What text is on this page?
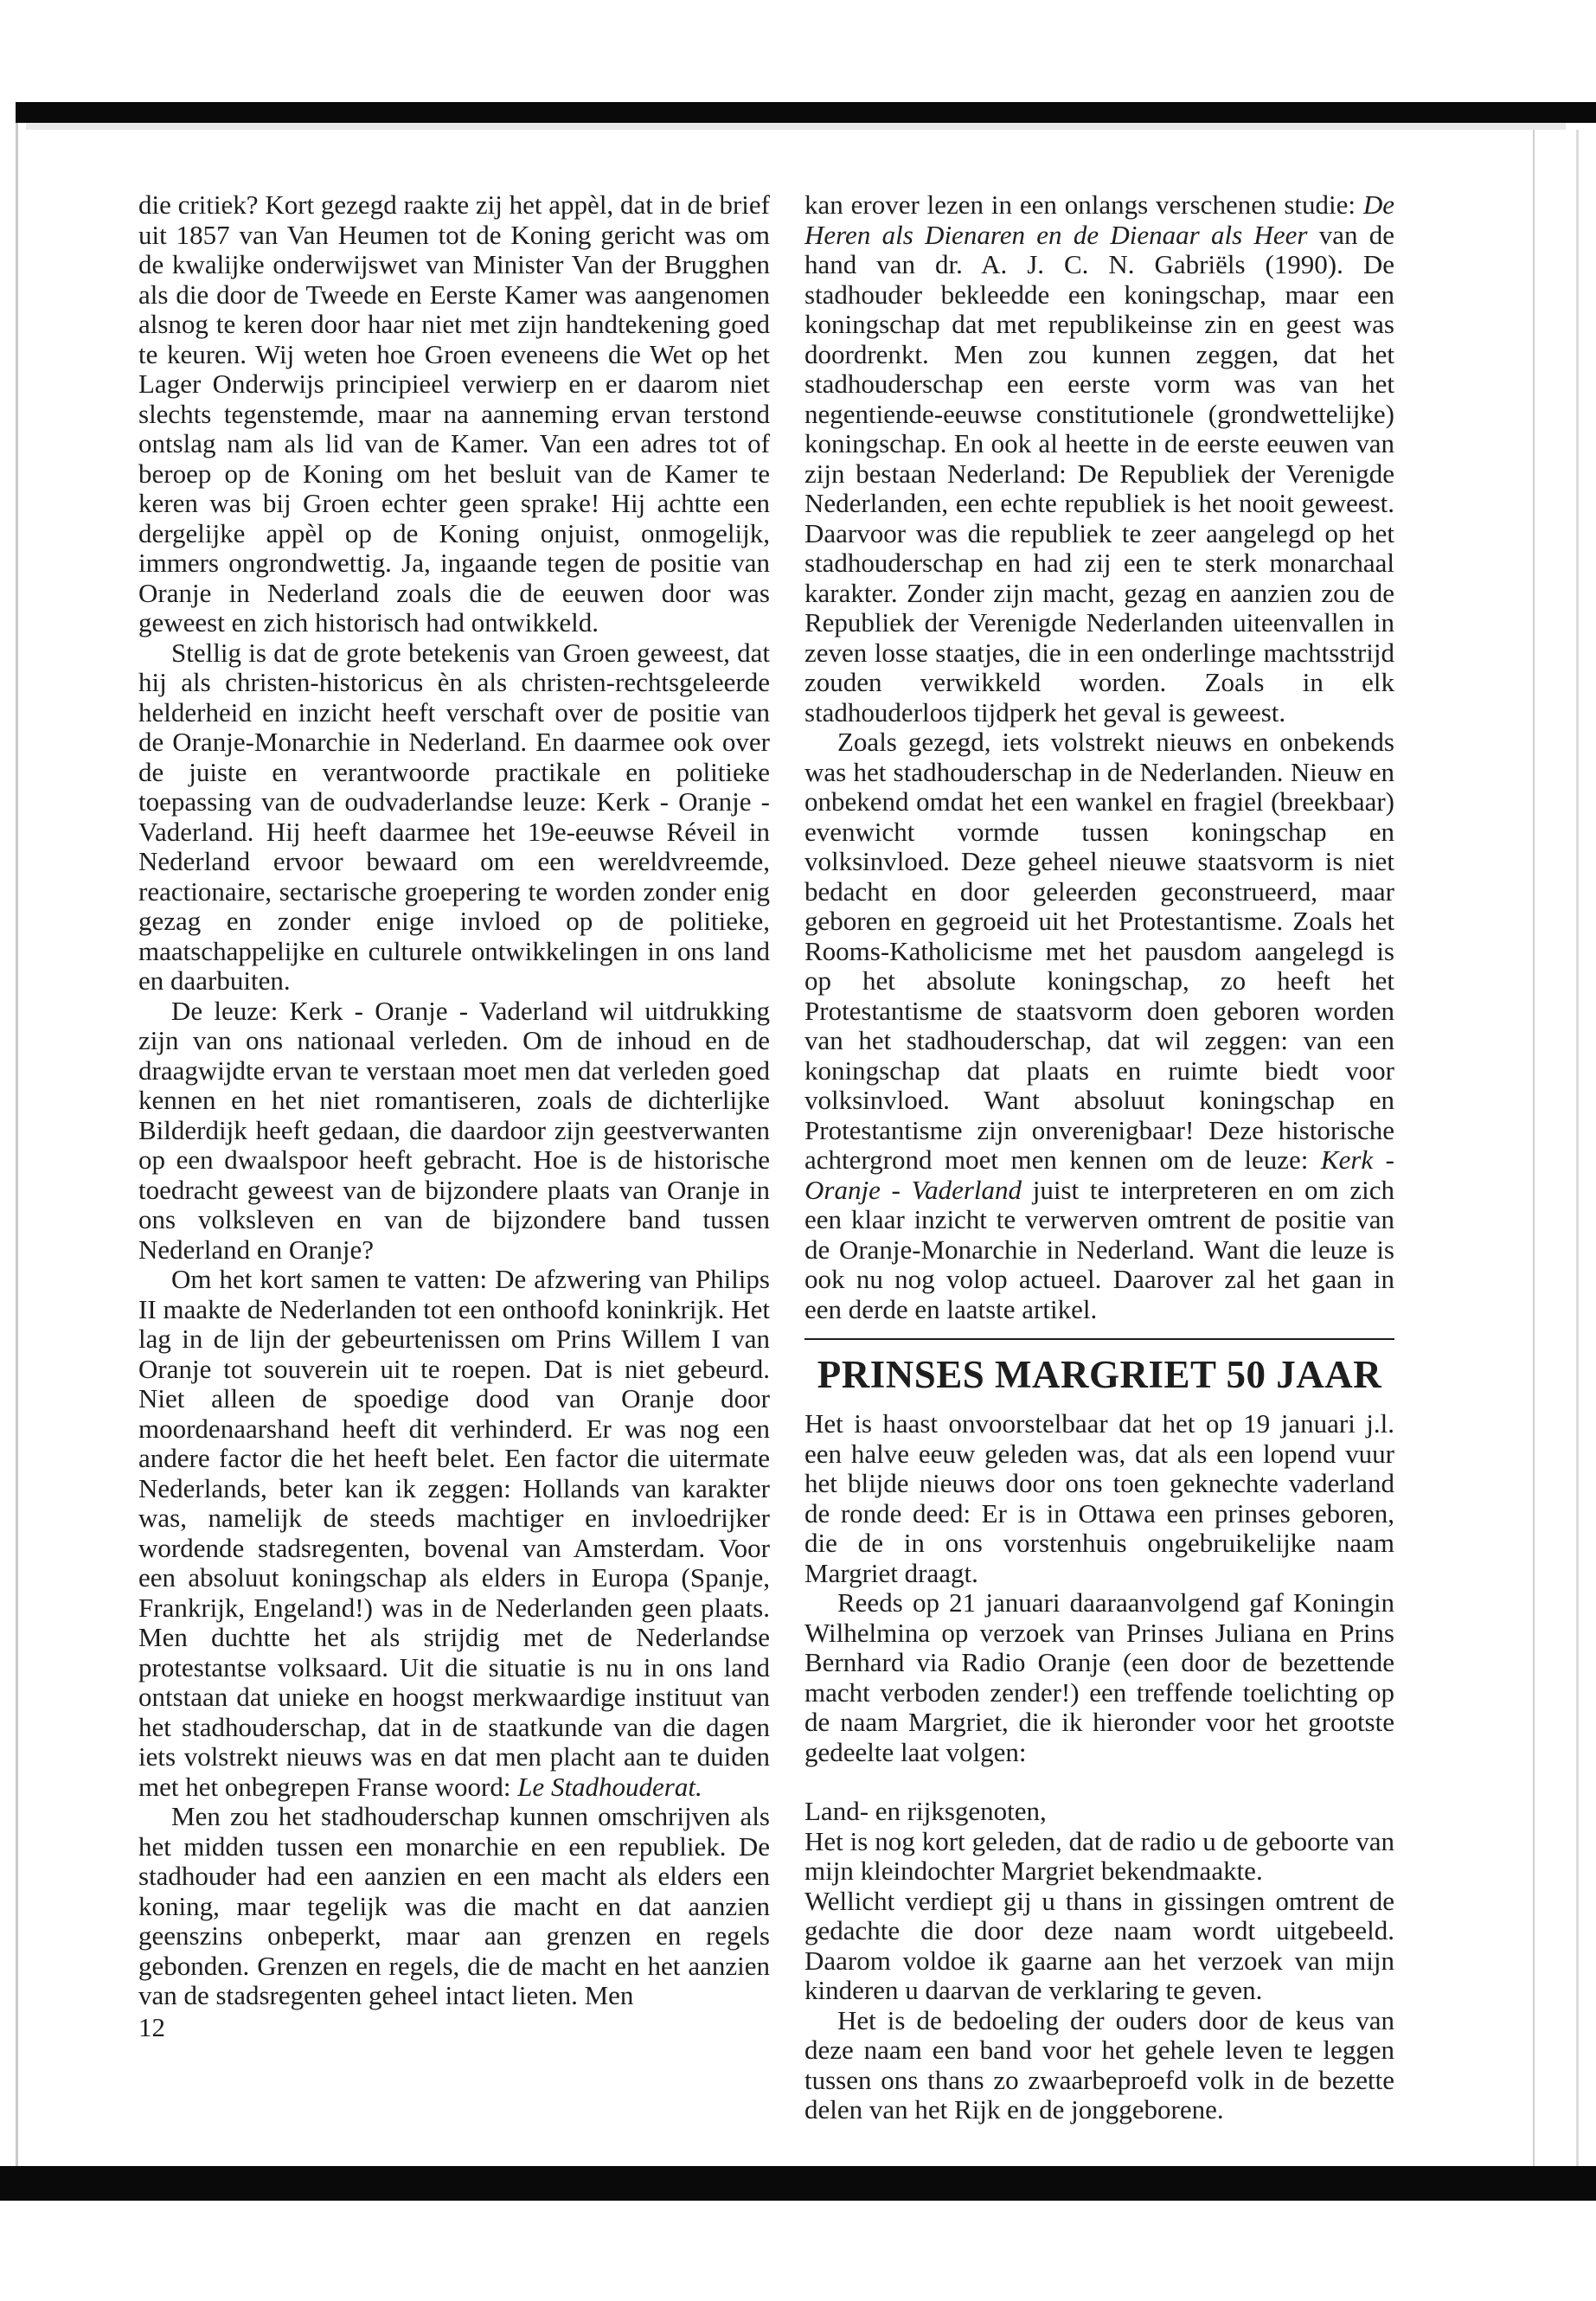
die critiek? Kort gezegd raakte zij het appèl, dat in de brief uit 1857 van Van Heumen tot de Koning gericht was om de kwalijke onderwijswet van Minister Van der Brugghen als die door de Tweede en Eerste Kamer was aangenomen alsnog te keren door haar niet met zijn handtekening goed te keuren. Wij weten hoe Groen eveneens die Wet op het Lager Onderwijs principieel verwierp en er daarom niet slechts tegenstemde, maar na aanneming ervan terstond ontslag nam als lid van de Kamer. Van een adres tot of beroep op de Koning om het besluit van de Kamer te keren was bij Groen echter geen sprake! Hij achtte een dergelijke appèl op de Koning onjuist, onmogelijk, immers ongrondwettig. Ja, ingaande tegen de positie van Oranje in Nederland zoals die de eeuwen door was geweest en zich historisch had ontwikkeld.

Stellig is dat de grote betekenis van Groen geweest, dat hij als christen-historicus èn als christen-rechtsgeleerde helderheid en inzicht heeft verschaft over de positie van de Oranje-Monarchie in Nederland. En daarmee ook over de juiste en verantwoorde practikale en politieke toepassing van de oudvaderlandse leuze: Kerk - Oranje - Vaderland. Hij heeft daarmee het 19e-eeuwse Réveil in Nederland ervoor bewaard om een wereldvreemde, reactionaire, sectarische groepering te worden zonder enig gezag en zonder enige invloed op de politieke, maatschappelijke en culturele ontwikkelingen in ons land en daarbuiten.

De leuze: Kerk - Oranje - Vaderland wil uitdrukking zijn van ons nationaal verleden. Om de inhoud en de draagwijdte ervan te verstaan moet men dat verleden goed kennen en het niet romantiseren, zoals de dichterlijke Bilderdijk heeft gedaan, die daardoor zijn geestverwanten op een dwaalspoor heeft gebracht. Hoe is de historische toedracht geweest van de bijzondere plaats van Oranje in ons volksleven en van de bijzondere band tussen Nederland en Oranje?

Om het kort samen te vatten: De afzwering van Philips II maakte de Nederlanden tot een onthoofd koninkrijk. Het lag in de lijn der gebeurtenissen om Prins Willem I van Oranje tot souverein uit te roepen. Dat is niet gebeurd. Niet alleen de spoedige dood van Oranje door moordenaarshand heeft dit verhinderd. Er was nog een andere factor die het heeft belet. Een factor die uitermate Nederlands, beter kan ik zeggen: Hollands van karakter was, namelijk de steeds machtiger en invloedrijker wordende stadsregenten, bovenal van Amsterdam. Voor een absoluut koningschap als elders in Europa (Spanje, Frankrijk, Engeland!) was in de Nederlanden geen plaats. Men duchtte het als strijdig met de Nederlandse protestantse volksaard. Uit die situatie is nu in ons land ontstaan dat unieke en hoogst merkwaardige instituut van het stadhouderschap, dat in de staatkunde van die dagen iets volstrekt nieuws was en dat men placht aan te duiden met het onbegrepen Franse woord: Le Stadhouderat.

Men zou het stadhouderschap kunnen omschrijven als het midden tussen een monarchie en een republiek. De stadhouder had een aanzien en een macht als elders een koning, maar tegelijk was die macht en dat aanzien geenszins onbeperkt, maar aan grenzen en regels gebonden. Grenzen en regels, die de macht en het aanzien van de stadsregenten geheel intact lieten. Men

12

kan erover lezen in een onlangs verschenen studie: De Heren als Dienaren en de Dienaar als Heer van de hand van dr. A. J. C. N. Gabriëls (1990). De stadhouder bekleedde een koningschap, maar een koningschap dat met republikeinse zin en geest was doordrenkt. Men zou kunnen zeggen, dat het stadhouderschap een eerste vorm was van het negentiende-eeuwse constitutionele (grondwettelijke) koningschap. En ook al heette in de eerste eeuwen van zijn bestaan Nederland: De Republiek der Verenigde Nederlanden, een echte republiek is het nooit geweest. Daarvoor was die republiek te zeer aangelegd op het stadhouderschap en had zij een te sterk monarchaal karakter. Zonder zijn macht, gezag en aanzien zou de Republiek der Verenigde Nederlanden uiteenvallen in zeven losse staatjes, die in een onderlinge machtsstrijd zouden verwikkeld worden. Zoals in elk stadhouderloos tijdperk het geval is geweest.

Zoals gezegd, iets volstrekt nieuws en onbekends was het stadhouderschap in de Nederlanden. Nieuw en onbekend omdat het een wankel en fragiel (breekbaar) evenwicht vormde tussen koningschap en volksinvloed. Deze geheel nieuwe staatsvorm is niet bedacht en door geleerden geconstrueerd, maar geboren en gegroeid uit het Protestantisme. Zoals het Rooms-Katholicisme met het pausdom aangelegd is op het absolute koningschap, zo heeft het Protestantisme de staatsvorm doen geboren worden van het stadhouderschap, dat wil zeggen: van een koningschap dat plaats en ruimte biedt voor volksinvloed. Want absoluut koningschap en Protestantisme zijn onverenigbaar! Deze historische achtergrond moet men kennen om de leuze: Kerk - Oranje - Vaderland juist te interpreteren en om zich een klaar inzicht te verwerven omtrent de positie van de Oranje-Monarchie in Nederland. Want die leuze is ook nu nog volop actueel. Daarover zal het gaan in een derde en laatste artikel.

PRINSES MARGRIET 50 JAAR

Het is haast onvoorstelbaar dat het op 19 januari j.l. een halve eeuw geleden was, dat als een lopend vuur het blijde nieuws door ons toen geknechte vaderland de ronde deed: Er is in Ottawa een prinses geboren, die de in ons vorstenhuis ongebruikelijke naam Margriet draagt.

Reeds op 21 januari daaraanvolgend gaf Koningin Wilhelmina op verzoek van Prinses Juliana en Prins Bernhard via Radio Oranje (een door de bezettende macht verboden zender!) een treffende toelichting op de naam Margriet, die ik hieronder voor het grootste gedeelte laat volgen:

Land- en rijksgenoten,

Het is nog kort geleden, dat de radio u de geboorte van mijn kleindochter Margriet bekendmaakte.

Wellicht verdiept gij u thans in gissingen omtrent de gedachte die door deze naam wordt uitgebeeld. Daarom voldoe ik gaarne aan het verzoek van mijn kinderen u daarvan de verklaring te geven.

Het is de bedoeling der ouders door de keus van deze naam een band voor het gehele leven te leggen tussen ons thans zo zwaarbeproefd volk in de bezette delen van het Rijk en de jonggeborene.
